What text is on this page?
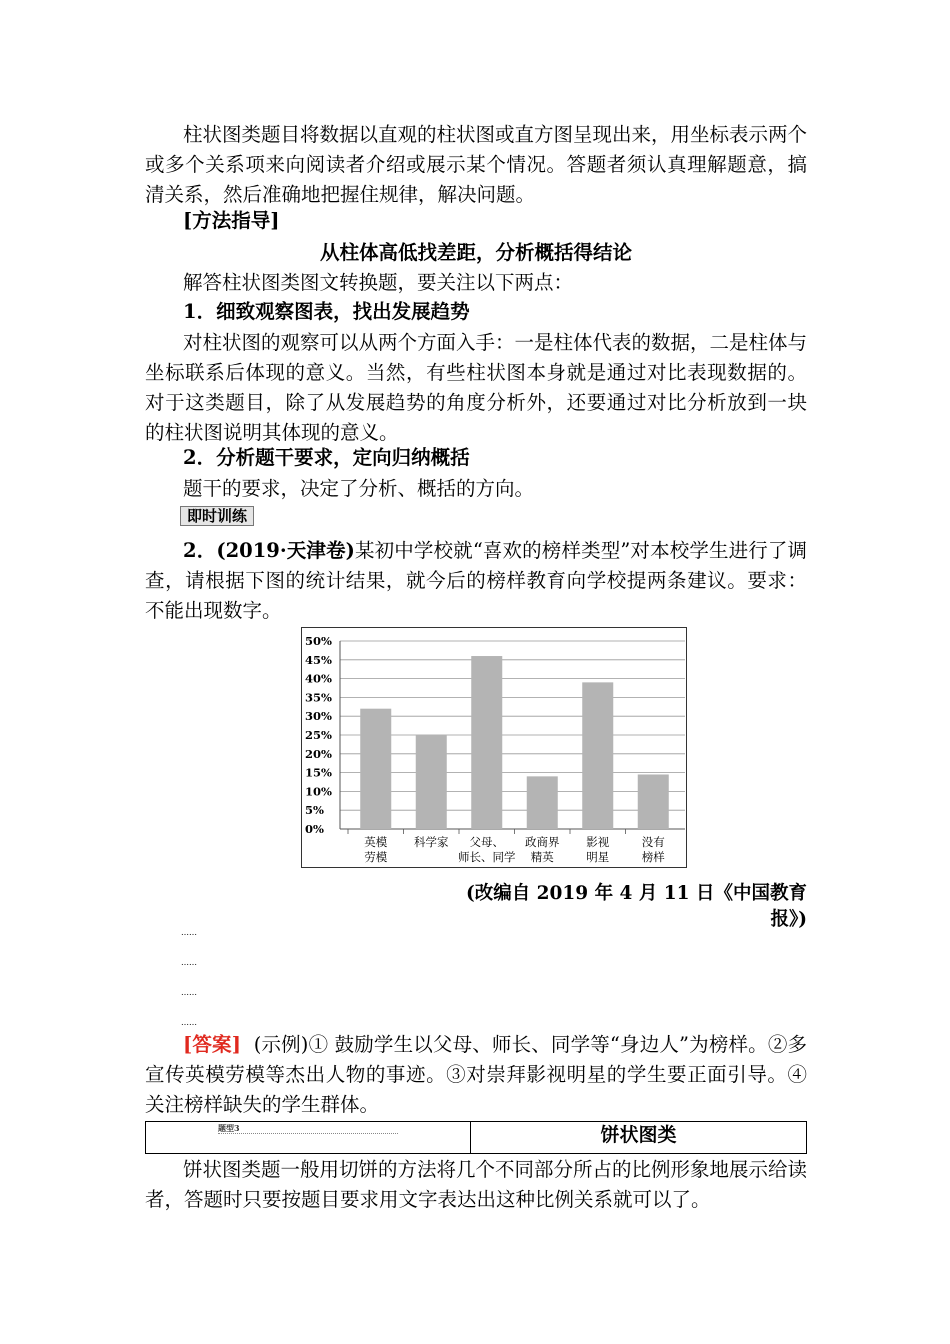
柱状图类题目将数据以直观的柱状图或直方图呈现出来，用坐标表示两个或多个关系项来向阅读者介绍或展示某个情况。答题者须认真理解题意，搞清关系，然后准确地把握住规律，解决问题。

[方法指导]
从柱体高低找差距，分析概括得结论
解答柱状图类图文转换题，要关注以下两点：
1．细致观察图表，找出发展趋势

对柱状图的观察可以从两个方面入手：一是柱体代表的数据，二是柱体与坐标联系后体现的意义。当然，有些柱状图本身就是通过对比表现数据的。对于这类题目，除了从发展趋势的角度分析外，还要通过对比分析放到一块的柱状图说明其体现的意义。

2．分析题干要求，定向归纳概括
题干的要求，决定了分析、概括的方向。
即时训练

2．(2019·天津卷)某初中学校就“喜欢的榜样类型”对本校学生进行了调查，请根据下图的统计结果，就今后的榜样教育向学校提两条建议。要求：不能出现数字。

0%
5%
10%
15%
20%
25%
30%
35%
40%
45%
50%
英模
劳模
科学家 父母、
师长、同学
政商界
精英
影视
明星
没有
榜样
(改编自 2019 年 4 月 11 日《中国教育报》)
……
……
……
……

[答案] (示例)① 鼓励学生以父母、师长、同学等“身边人”为榜样。②多宣传英模劳模等杰出人物的事迹。③对崇拜影视明星的学生要正面引导。④关注榜样缺失的学生群体。

题型3	饼状图类

饼状图类题一般用切饼的方法将几个不同部分所占的比例形象地展示给读者，答题时只要按题目要求用文字表达出这种比例关系就可以了。
